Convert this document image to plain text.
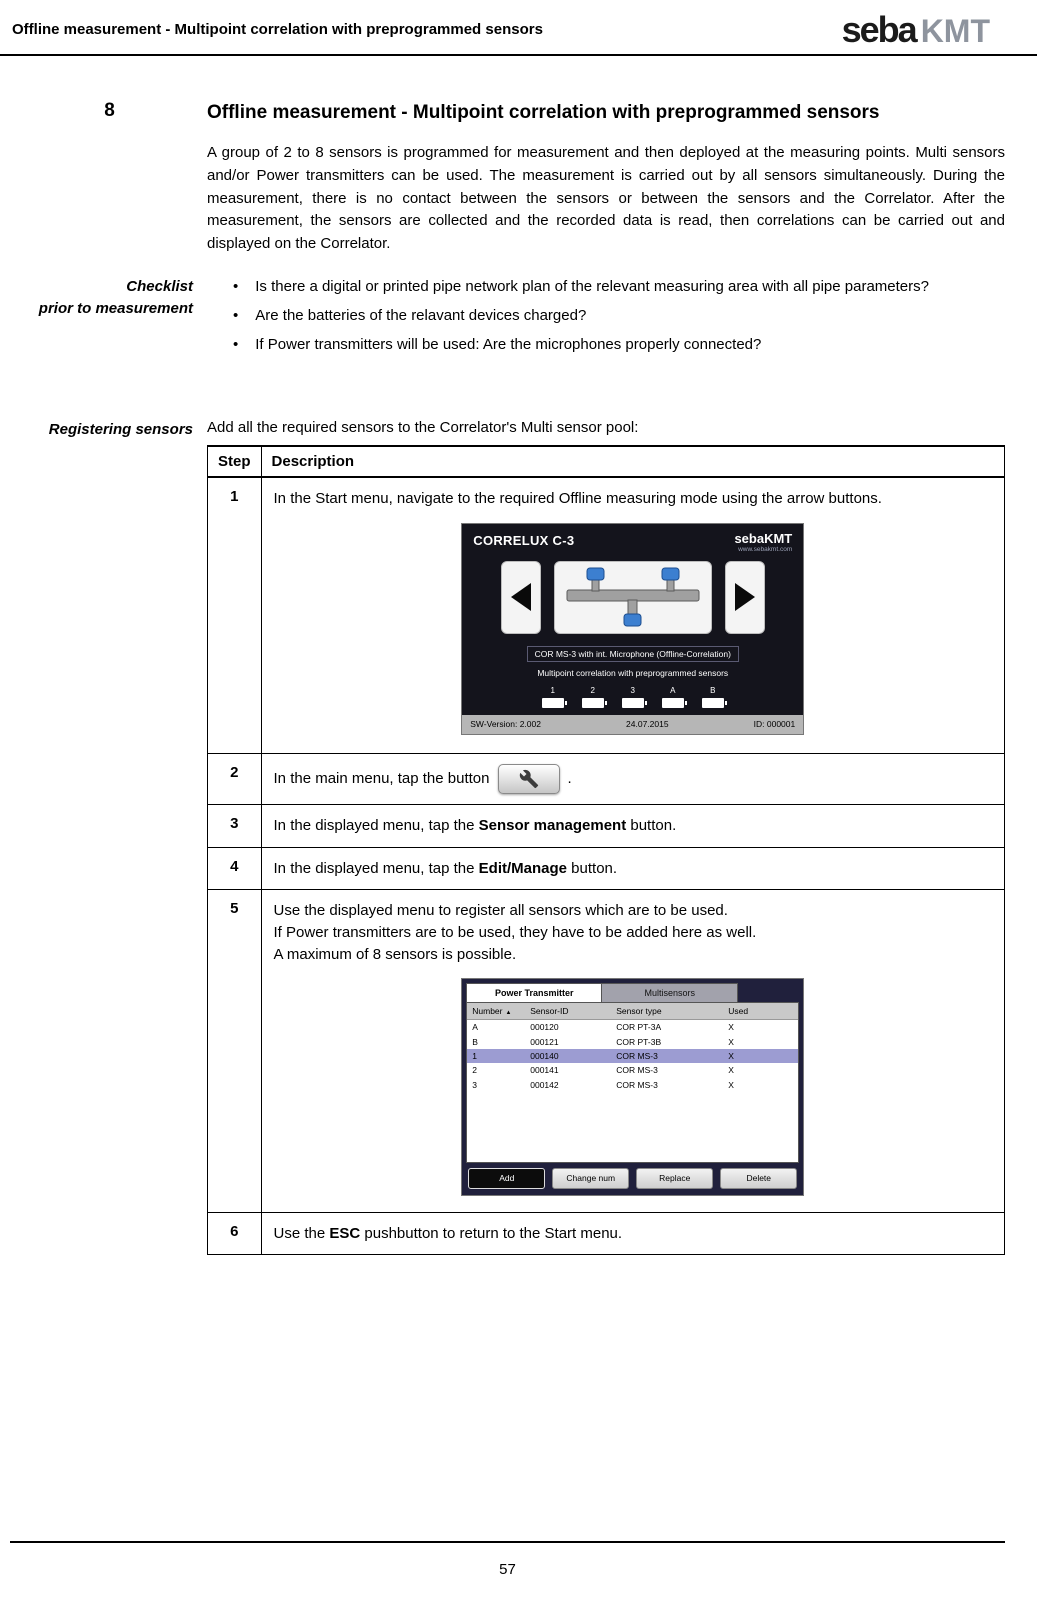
Offline measurement - Multipoint correlation with preprogrammed sensors	seba KMT
8	Offline measurement - Multipoint correlation with preprogrammed sensors

A group of 2 to 8 sensors is programmed for measurement and then deployed at the measuring points. Multi sensors and/or Power transmitters can be used. The measurement is carried out by all sensors simultaneously. During the measurement, there is no contact between the sensors or between the sensors and the Correlator. After the measurement, the sensors are collected and the recorded data is read, then correlations can be carried out and displayed on the Correlator.

Checklist
prior to measurement
• Is there a digital or printed pipe network plan of the relevant measuring area with all pipe parameters?
• Are the batteries of the relavant devices charged?
• If Power transmitters will be used: Are the microphones properly connected?
Registering sensors Add all the required sensors to the Correlator's Multi sensor pool:

Step	Description
1	In the Start menu, navigate to the required Offline measuring mode using the arrow buttons.
CORRELUX C-3	sebaKMT
www.sebakmt.com
COR MS-3 with int. Microphone (Offline-Correlation)
Multipoint correlation with preprogrammed sensors
1	2	3	A	B
SW-Version: 2.002	24.07.2015	ID: 000001

2	In the main menu, tap the button .

3	In the displayed menu, tap the Sensor management button.
4	In the displayed menu, tap the Edit/Manage button.
5	Use the displayed menu to register all sensors which are to be used.
If Power transmitters are to be used, they have to be added here as well.
A maximum of 8 sensors is possible.
Power Transmitter	Multisensors
Number ▲	Sensor-ID	Sensor type	Used
A	000120	COR PT-3A	X
B	000121	COR PT-3B	X
1	000140	COR MS-3	X
2	000141	COR MS-3	X
3	000142	COR MS-3	X
Add	Change num	Replace	Delete

6	Use the ESC pushbutton to return to the Start menu.
57
